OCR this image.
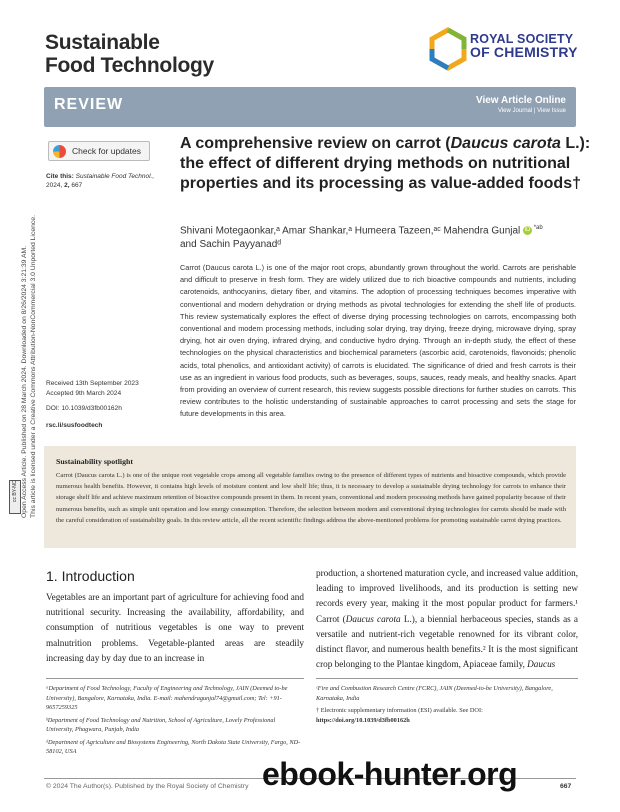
Sustainable
Food Technology
ROYAL SOCIETY
OF CHEMISTRY
REVIEW	View Article Online
View Journal | View Issue
Open Access Article. Published on 28 March 2024. Downloaded on 8/26/2024 3:21:39 AM. This article is licensed under a Creative Commons Attribution-NonCommercial 3.0 Unported Licence.
cc BY-NC
Check for updates
Cite this: Sustainable Food Technol.,
2024, 2, 667
A comprehensive review on carrot (Daucus carota L.): the effect of different drying methods on nutritional properties and its processing as value-added foods†
Shivani Motegaonkar,ᵃ Amar Shankar,ᵃ Humeera Tazeen,ᵃᶜ Mahendra Gunjal iD $^{*ab}$
and Sachin Payyanadᵈ
Carrot (Daucus carota L.) is one of the major root crops, abundantly grown throughout the world. Carrots are perishable and difficult to preserve in fresh form. They are widely utilized due to rich bioactive compounds and nutrients, including carotenoids, anthocyanins, dietary fiber, and vitamins. The adoption of processing techniques becomes imperative with conventional and modern dehydration or drying methods as pivotal technologies for extending the shelf life of products. This review systematically explores the effect of diverse drying processing technologies on carrots, encompassing both conventional and modern processing methods, including solar drying, tray drying, freeze drying, microwave drying, spray drying, hot air oven drying, infrared drying, and conductive hydro drying. Through an in-depth study, the effect of these technologies on the physical characteristics and biochemical parameters (ascorbic acid, carotenoids, flavonoids; phenolic acids, total phenolics, and antioxidant activity) of carrots is elucidated. The significance of dried and fresh carrots is their use as an ingredient in various food products, such as beverages, soups, sauces, ready meals, and healthy snacks. Apart from providing an overview of current research, this review suggests possible directions for further studies on carrots. This review contributes to the holistic understanding of sustainable approaches to carrot processing and sets the stage for future developments in this area.
Received 13th September 2023
Accepted 9th March 2024
DOI: 10.1039/d3fb00162h
rsc.li/susfoodtech
Sustainability spotlight
Carrot (Daucus carota L.) is one of the unique root vegetable crops among all vegetable families owing to the presence of different types of nutrients and bioactive compounds, which provide numerous health benefits. However, it contains high levels of moisture content and low shelf life; thus, it is necessary to develop a sustainable drying technology for carrots to enhance their storage shelf life and achieve maximum retention of bioactive compounds present in them. In recent years, conventional and modern processing methods have gained popularity because of their numerous benefits, such as simple unit operation and low energy consumption. Therefore, the selection between modern and conventional drying technologies for carrots should be made with the careful consideration of sustainability goals. In this review article, all the recent scientific findings address the above-mentioned problems for promoting sustainable carrot drying practices.
1. Introduction
Vegetables are an important part of agriculture for achieving food and nutritional security. Increasing the availability, affordability, and consumption of nutritious vegetables is one way to prevent malnutrition problems. Vegetable-planted areas are steadily increasing day by day due to an increase in
production, a shortened maturation cycle, and increased value addition, leading to improved livelihoods, and its production is setting new records every year, making it the most popular product for farmers.¹ Carrot (Daucus carota L.), a biennial herbaceous species, stands as a versatile and nutrient-rich vegetable renowned for its vibrant color, distinct flavor, and numerous health benefits.² It is the most significant crop belonging to the Plantae kingdom, Apiaceae family, Daucus

ᵃDepartment of Food Technology, Faculty of Engineering and Technology, JAIN (Deemed to-be University), Bangalore, Karnataka, India. E-mail: mahendragunjal74@gmail.com; Tel: +91-9657259325

ᵇDepartment of Food Technology and Nutrition, School of Agriculture, Lovely Professional University, Phagwara, Punjab, India

ᵈDepartment of Agriculture and Biosystems Engineering, North Dakota State University, Fargo, ND-58102, USA

ᶜFire and Combustion Research Centre (FCRC), JAIN (Deemed-to-be University), Bangalore, Karnataka, India

† Electronic supplementary information (ESI) available. See DOI:
https://doi.org/10.1039/d3fb00162h

© 2024 The Author(s). Published by the Royal Society of Chemistry	667
ebook-hunter.org
